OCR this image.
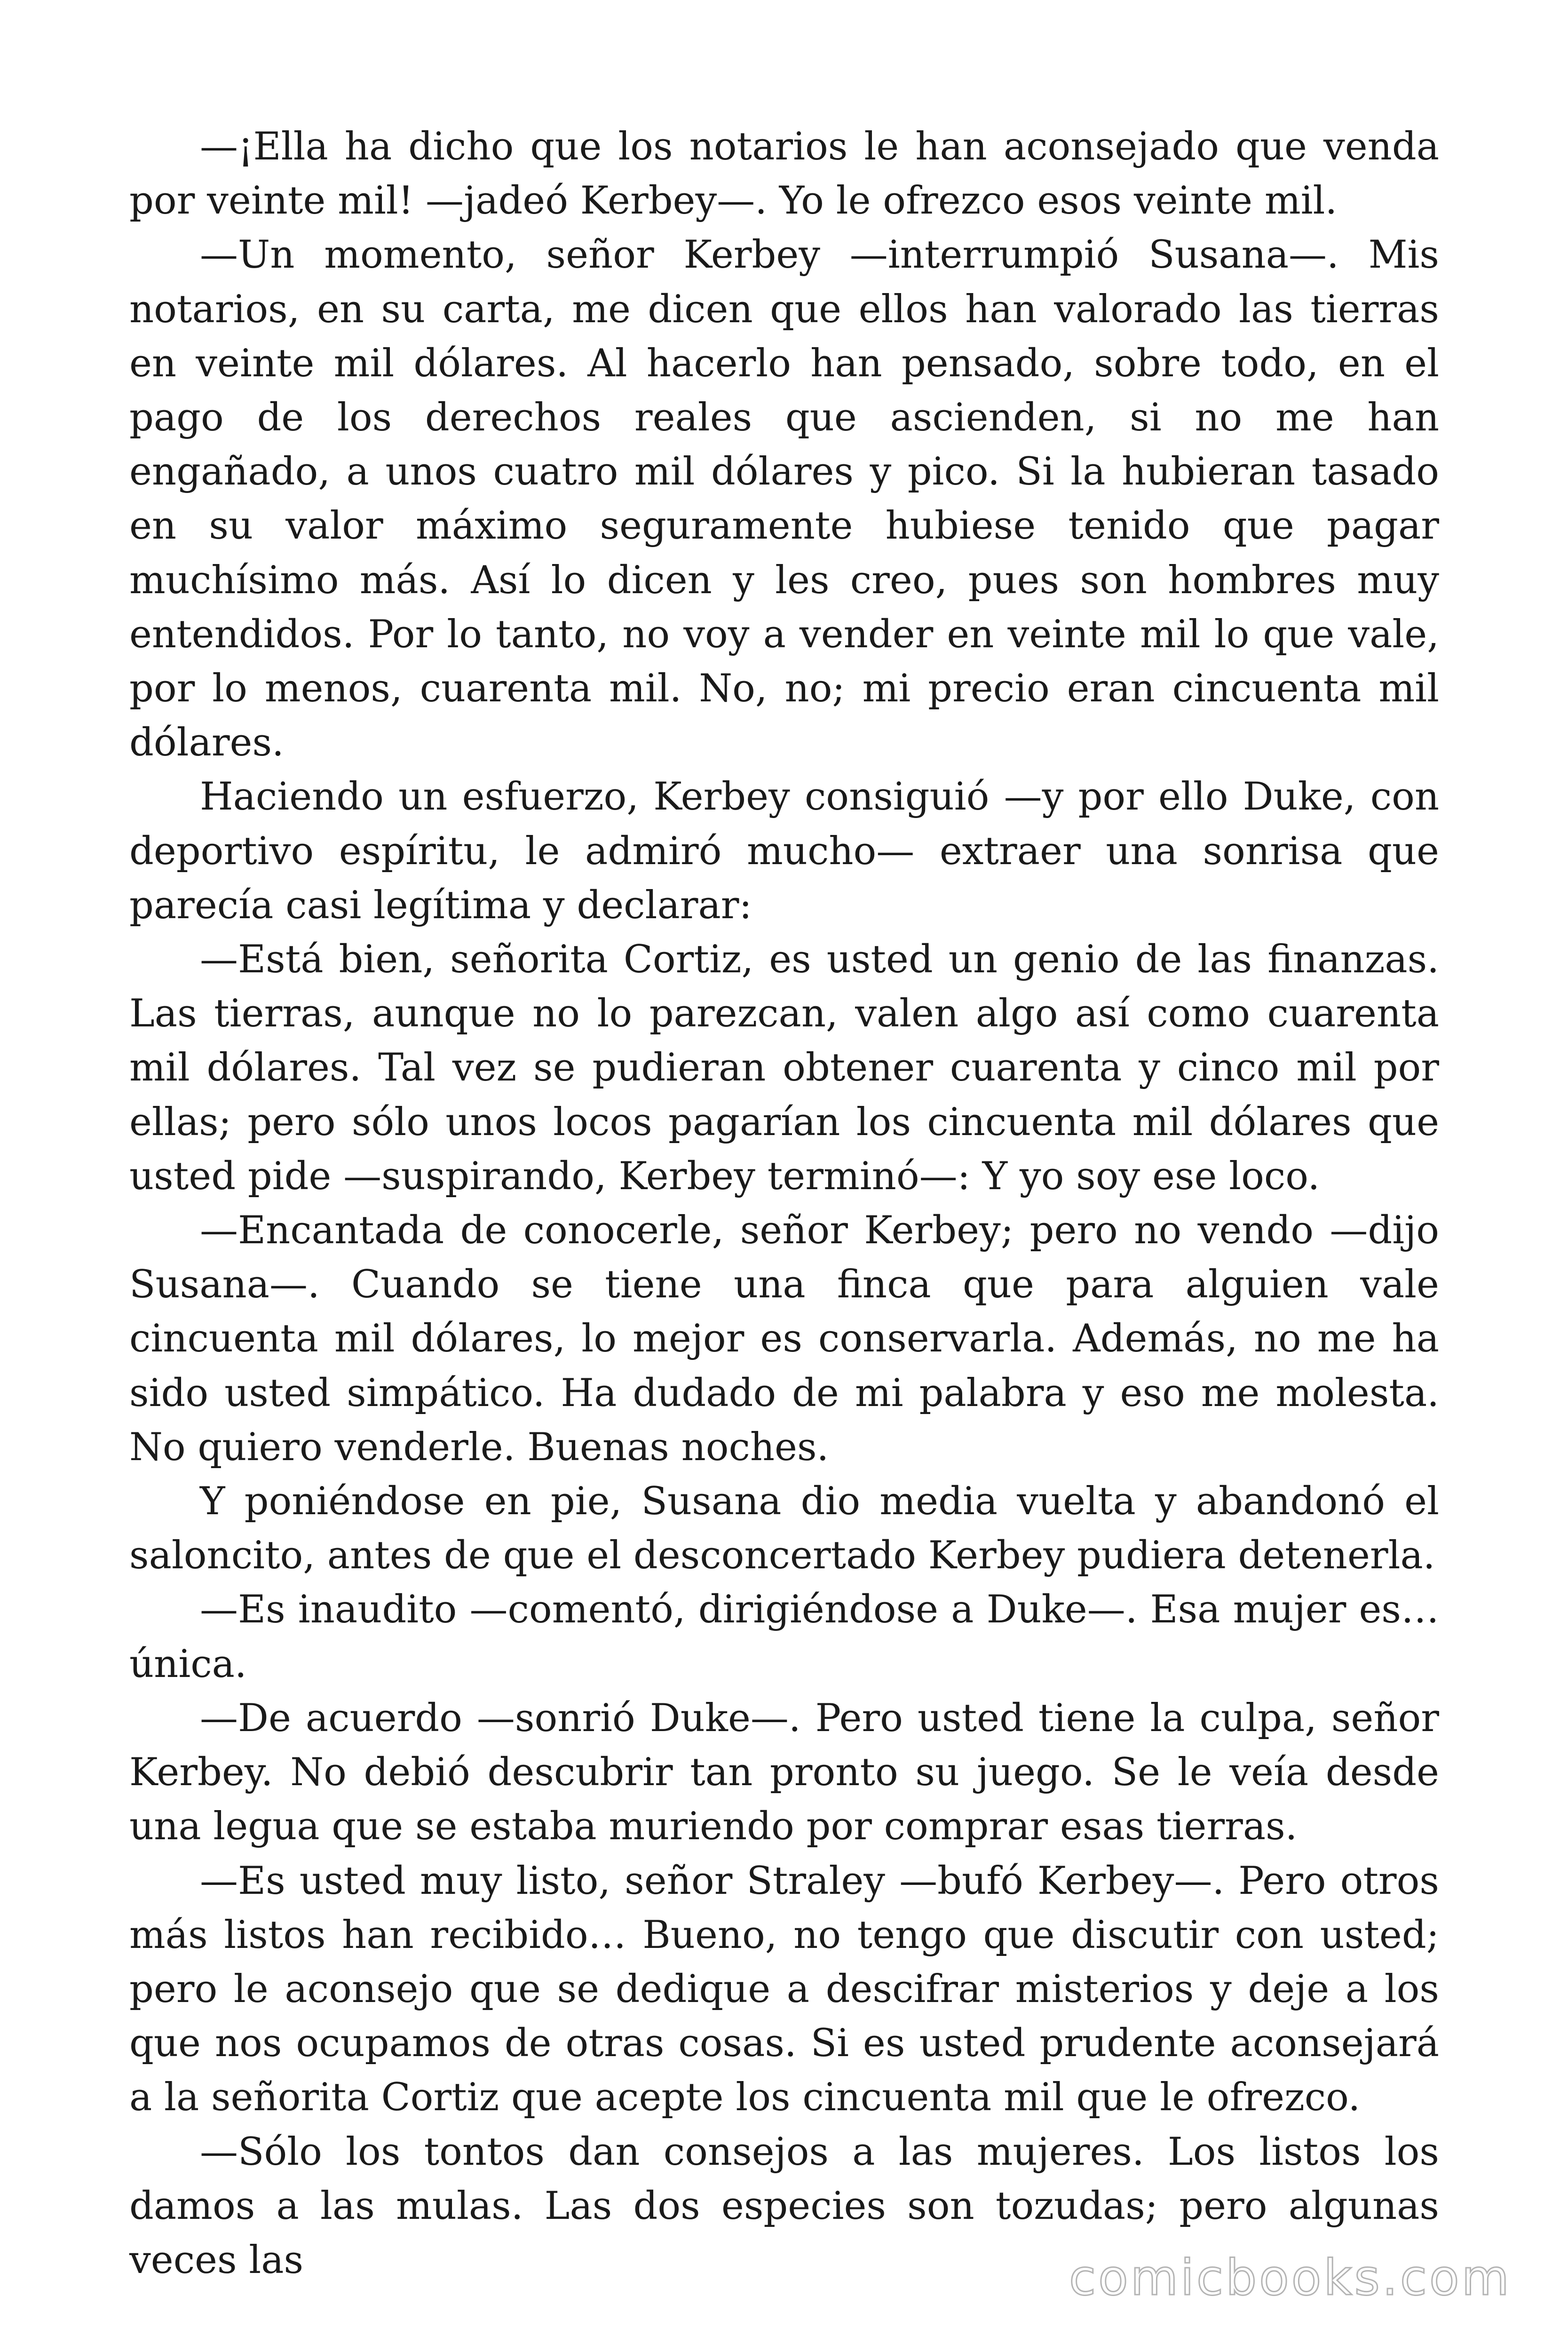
—¡Ella ha dicho que los notarios le han aconsejado que venda por veinte mil! —jadeó Kerbey—. Yo le ofrezco esos veinte mil.

—Un momento, señor Kerbey —interrumpió Susana—. Mis notarios, en su carta, me dicen que ellos han valorado las tierras en veinte mil dólares. Al hacerlo han pensado, sobre todo, en el pago de los derechos reales que ascienden, si no me han engañado, a unos cuatro mil dólares y pico. Si la hubieran tasado en su valor máximo seguramente hubiese tenido que pagar muchísimo más. Así lo dicen y les creo, pues son hombres muy entendidos. Por lo tanto, no voy a vender en veinte mil lo que vale, por lo menos, cuarenta mil. No, no; mi precio eran cincuenta mil dólares.

Haciendo un esfuerzo, Kerbey consiguió —y por ello Duke, con deportivo espíritu, le admiró mucho— extraer una sonrisa que parecía casi legítima y declarar:

—Está bien, señorita Cortiz, es usted un genio de las finanzas. Las tierras, aunque no lo parezcan, valen algo así como cuarenta mil dólares. Tal vez se pudieran obtener cuarenta y cinco mil por ellas; pero sólo unos locos pagarían los cincuenta mil dólares que usted pide —suspirando, Kerbey terminó—: Y yo soy ese loco.

—Encantada de conocerle, señor Kerbey; pero no vendo —dijo Susana—. Cuando se tiene una finca que para alguien vale cincuenta mil dólares, lo mejor es conservarla. Además, no me ha sido usted simpático. Ha dudado de mi palabra y eso me molesta. No quiero venderle. Buenas noches.

Y poniéndose en pie, Susana dio media vuelta y abandonó el saloncito, antes de que el desconcertado Kerbey pudiera detenerla.

—Es inaudito —comentó, dirigiéndose a Duke—. Esa mujer es… única.

—De acuerdo —sonrió Duke—. Pero usted tiene la culpa, señor Kerbey. No debió descubrir tan pronto su juego. Se le veía desde una legua que se estaba muriendo por comprar esas tierras.

—Es usted muy listo, señor Straley —bufó Kerbey—. Pero otros más listos han recibido… Bueno, no tengo que discutir con usted; pero le aconsejo que se dedique a descifrar misterios y deje a los que nos ocupamos de otras cosas. Si es usted prudente aconsejará a la señorita Cortiz que acepte los cincuenta mil que le ofrezco.

—Sólo los tontos dan consejos a las mujeres. Los listos los damos a las mulas. Las dos especies son tozudas; pero algunas veces las	comicbooks.com
